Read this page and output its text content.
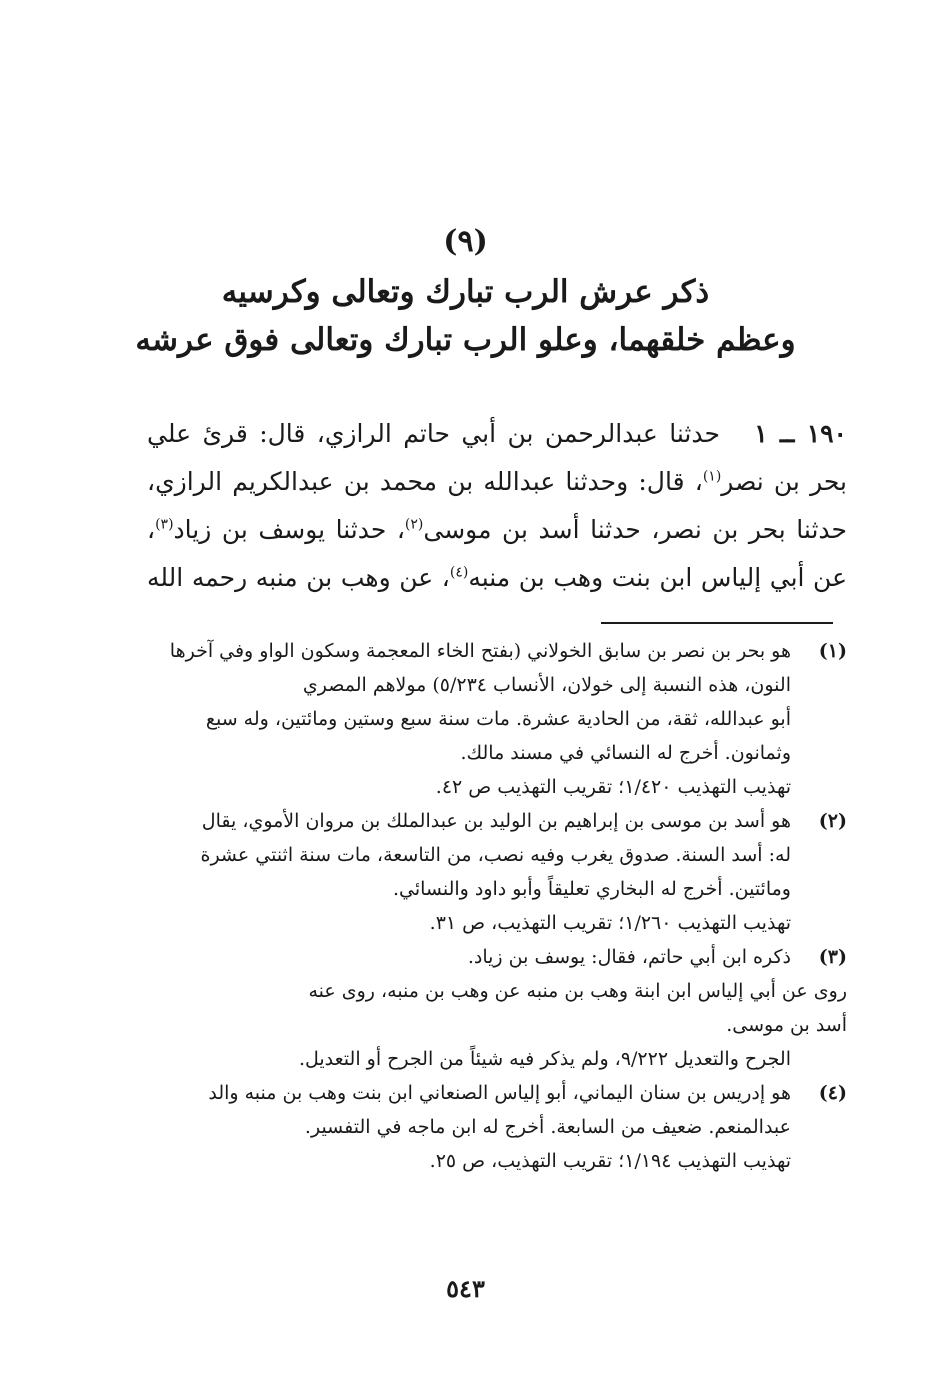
(٩)
ذكر عرش الرب تبارك وتعالى وكرسيه
وعظم خلقهما، وعلو الرب تبارك وتعالى فوق عرشه
١٩٠ ــ ١   حدثنا عبدالرحمن بن أبي حاتم الرازي، قال: قرئ علي
بحر بن نصر$^{(١)}$، قال: وحدثنا عبدالله بن محمد بن عبدالكريم الرازي،
حدثنا بحر بن نصر، حدثنا أسد بن موسى$^{(٢)}$، حدثنا يوسف بن زياد$^{(٣)}$،
عن أبي إلياس ابن بنت وهب بن منبه$^{(٤)}$، عن وهب بن منبه رحمه الله
(١)
هو بحر بن نصر بن سابق الخولاني (بفتح الخاء المعجمة وسكون الواو وفي آخرها
النون، هذه النسبة إلى خولان، الأنساب ٥/٢٣٤) مولاهم المصري
أبو عبدالله، ثقة، من الحادية عشرة. مات سنة سبع وستين ومائتين، وله سبع
وثمانون. أخرج له النسائي في مسند مالك.
تهذيب التهذيب ١/٤٢٠؛ تقريب التهذيب ص ٤٢.
(٢)
هو أسد بن موسى بن إبراهيم بن الوليد بن عبدالملك بن مروان الأموي، يقال
له: أسد السنة. صدوق يغرب وفيه نصب، من التاسعة، مات سنة اثنتي عشرة
ومائتين. أخرج له البخاري تعليقاً وأبو داود والنسائي.
تهذيب التهذيب ١/٢٦٠؛ تقريب التهذيب، ص ٣١.
(٣)
ذكره ابن أبي حاتم، فقال: يوسف بن زياد.
روى عن أبي إلياس ابن ابنة وهب بن منبه عن وهب بن منبه، روى عنه
أسد بن موسى.
الجرح والتعديل ٩/٢٢٢، ولم يذكر فيه شيئاً من الجرح أو التعديل.
(٤)
هو إدريس بن سنان اليماني، أبو إلياس الصنعاني ابن بنت وهب بن منبه والد
عبدالمنعم. ضعيف من السابعة. أخرج له ابن ماجه في التفسير.
تهذيب التهذيب ١/١٩٤؛ تقريب التهذيب، ص ٢٥.
٥٤٣
